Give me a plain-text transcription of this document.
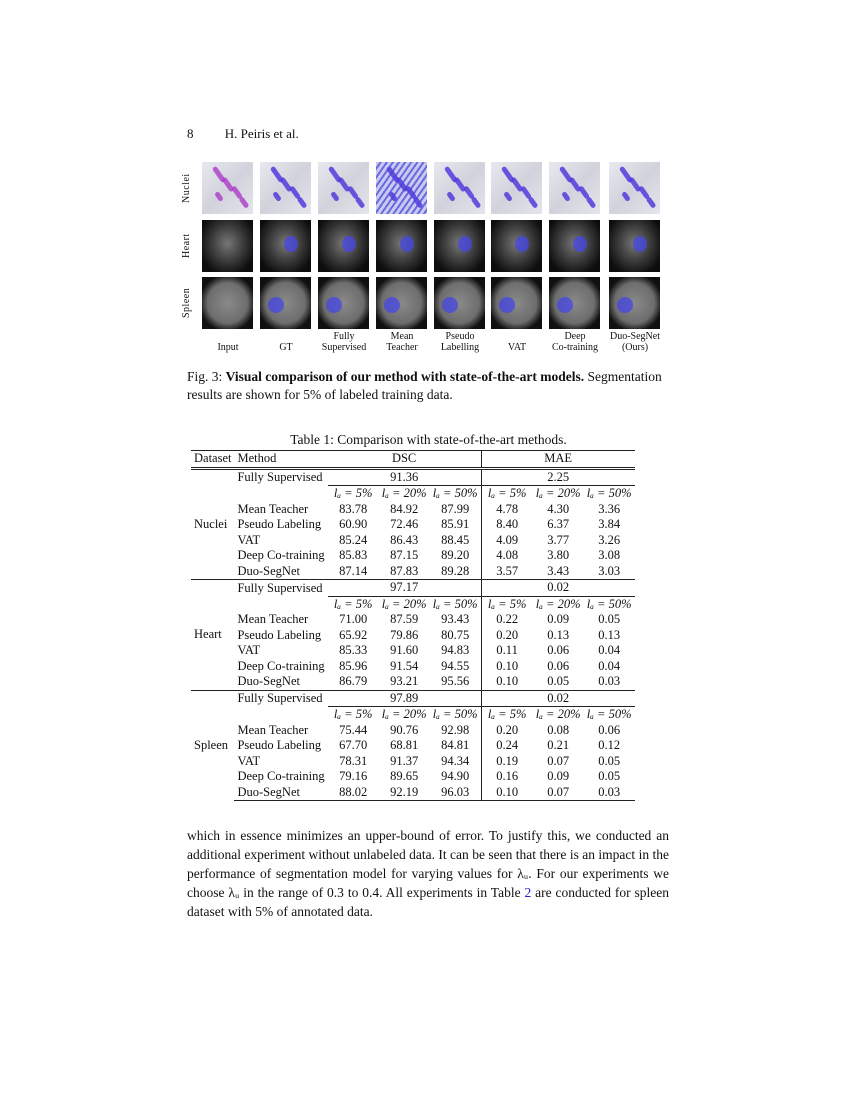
8 H. Peiris et al.
Nuclei
Heart
Spleen

Input
	GT
Fully
Supervised
Mean
Teacher
Pseudo
Labelling
	VAT
Deep
Co-training
Duo-SegNet
(Ours)
Fig. 3: Visual comparison of our method with state-of-the-art models. Segmentation results are shown for 5% of labeled training data.
Table 1: Comparison with state-of-the-art methods.
Dataset	Method	DSC			MAE		
Nuclei	Fully Supervised	91.36			2.25		
		lₐ = 5%	lₐ = 20%	lₐ = 50%	lₐ = 5%	lₐ = 20%	lₐ = 50%
	Mean Teacher	83.78	84.92	87.99	4.78	4.30	3.36
	Pseudo Labeling	60.90	72.46	85.91	8.40	6.37	3.84
	VAT	85.24	86.43	88.45	4.09	3.77	3.26
	Deep Co-training	85.83	87.15	89.20	4.08	3.80	3.08
	Duo-SegNet	87.14	87.83	89.28	3.57	3.43	3.03
Heart	Fully Supervised	97.17			0.02		
		lₐ = 5%	lₐ = 20%	lₐ = 50%	lₐ = 5%	lₐ = 20%	lₐ = 50%
	Mean Teacher	71.00	87.59	93.43	0.22	0.09	0.05
	Pseudo Labeling	65.92	79.86	80.75	0.20	0.13	0.13
	VAT	85.33	91.60	94.83	0.11	0.06	0.04
	Deep Co-training	85.96	91.54	94.55	0.10	0.06	0.04
	Duo-SegNet	86.79	93.21	95.56	0.10	0.05	0.03
Spleen	Fully Supervised	97.89			0.02		
		lₐ = 5%	lₐ = 20%	lₐ = 50%	lₐ = 5%	lₐ = 20%	lₐ = 50%
	Mean Teacher	75.44	90.76	92.98	0.20	0.08	0.06
	Pseudo Labeling	67.70	68.81	84.81	0.24	0.21	0.12
	VAT	78.31	91.37	94.34	0.19	0.07	0.05
	Deep Co-training	79.16	89.65	94.90	0.16	0.09	0.05
	Duo-SegNet	88.02	92.19	96.03	0.10	0.07	0.03
which in essence minimizes an upper-bound of error. To justify this, we conducted an additional experiment without unlabeled data. It can be seen that there is an impact in the performance of segmentation model for varying values for λᵤ. For our experiments we choose λᵤ in the range of 0.3 to 0.4. All experiments in Table 2 are conducted for spleen dataset with 5% of annotated data.
